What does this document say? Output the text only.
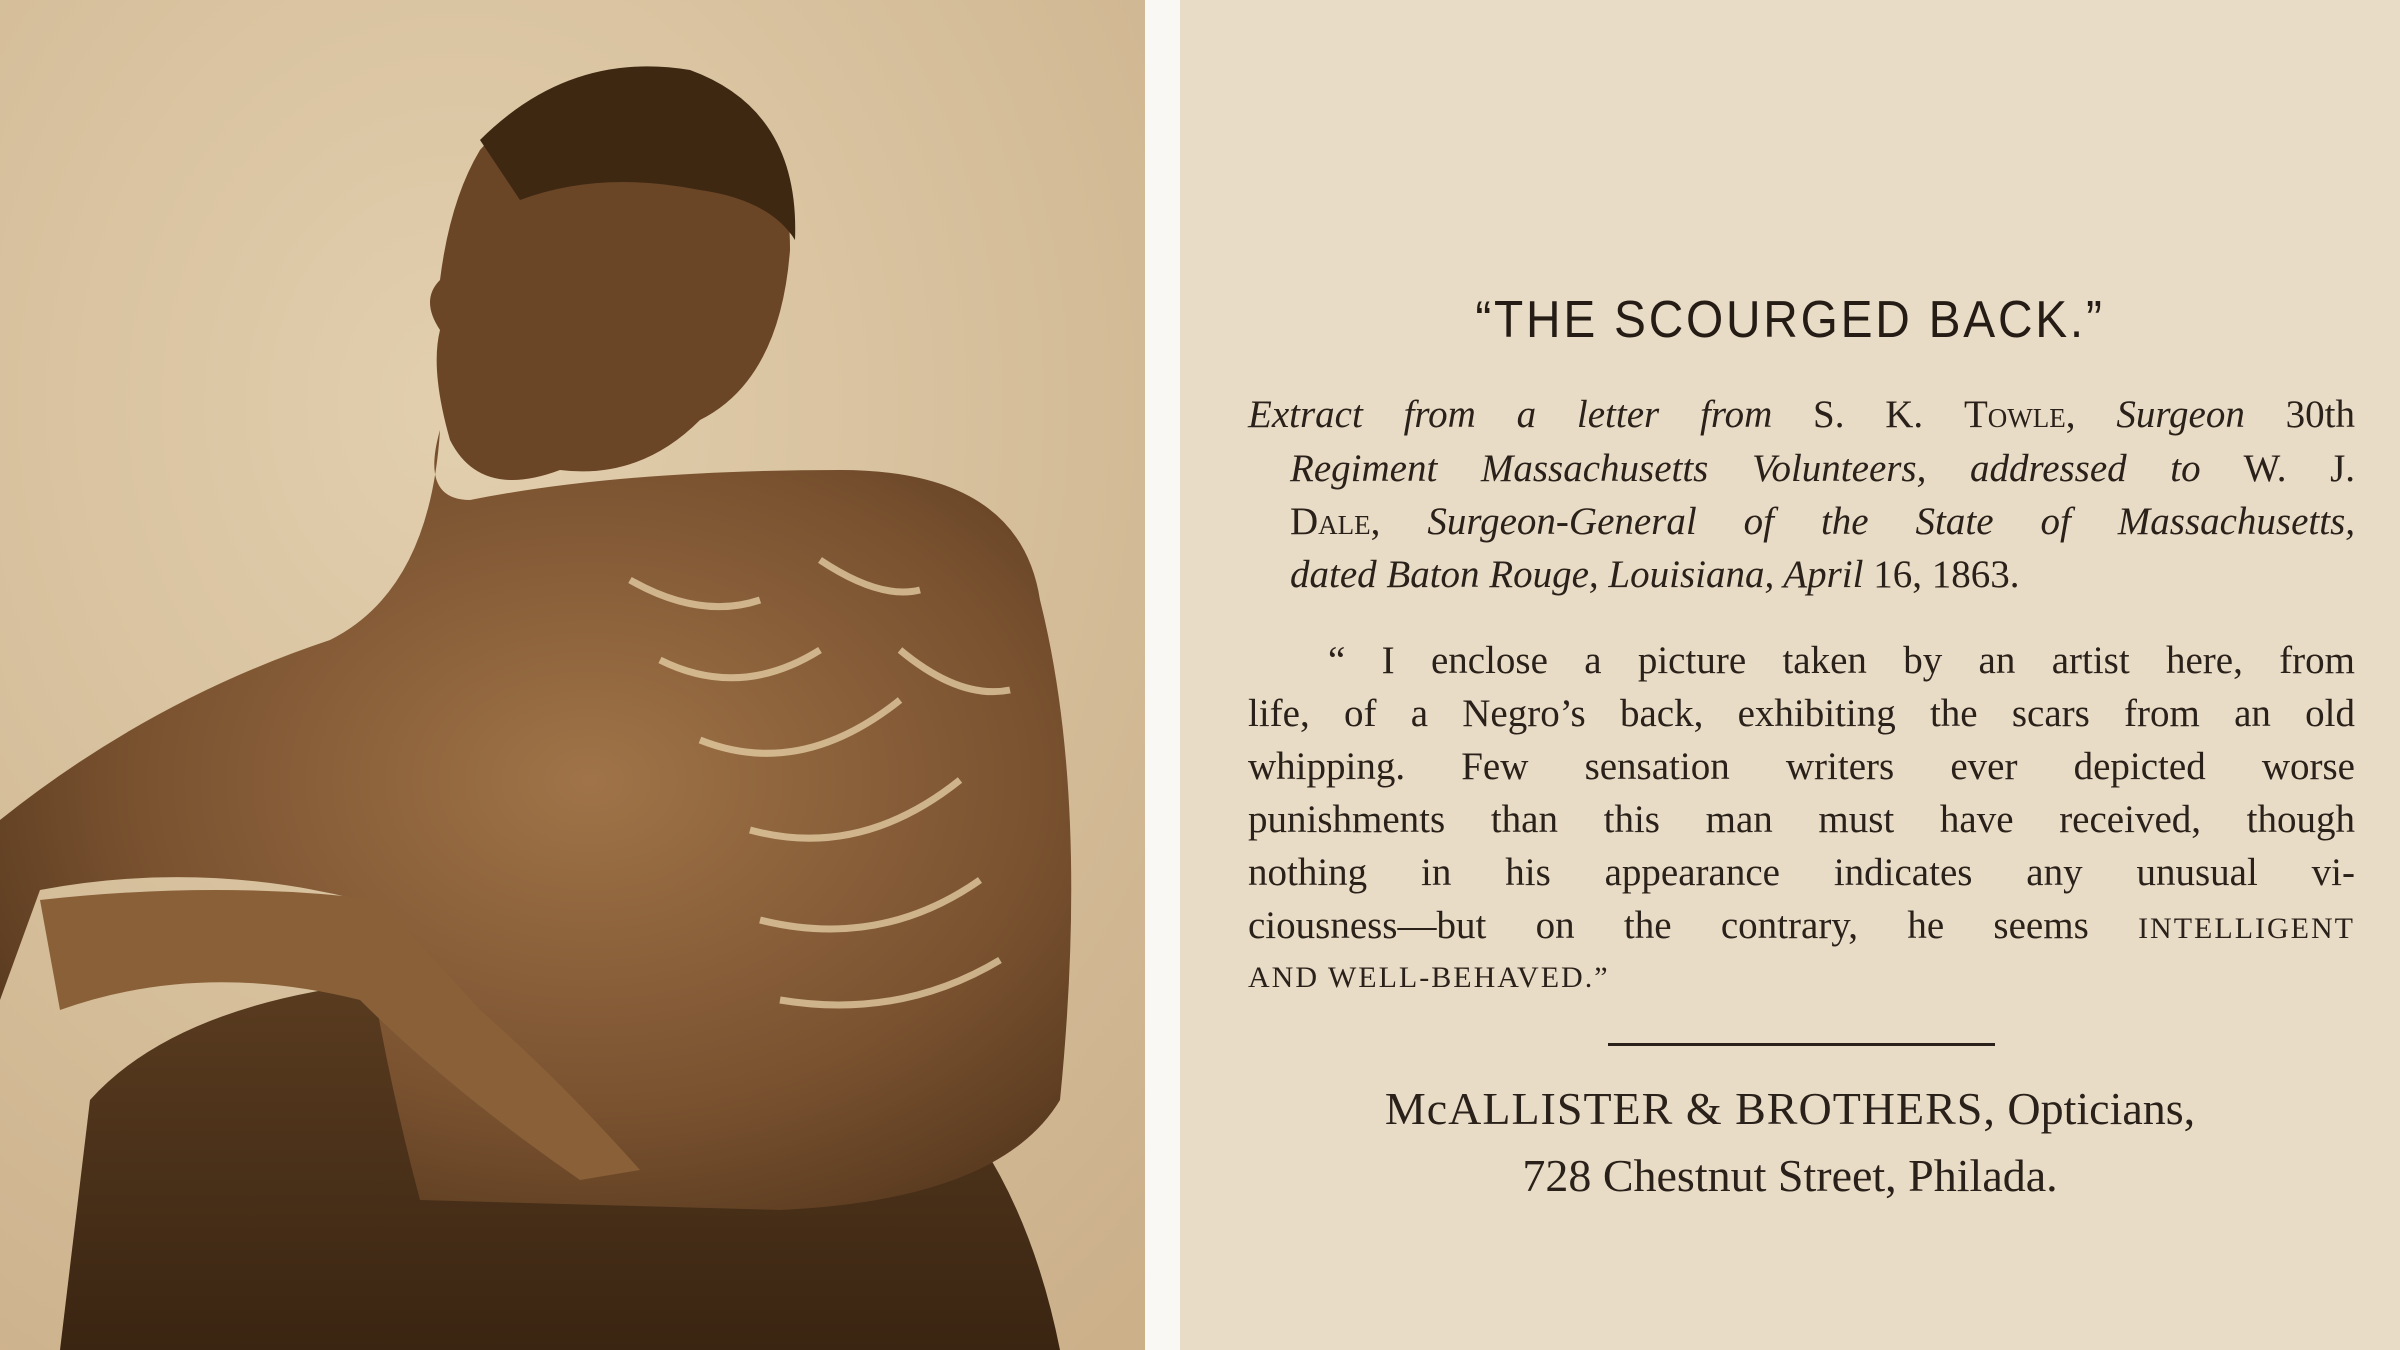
“THE SCOURGED BACK.”
Extract from a letter from S. K. Towle, Surgeon 30th
Regiment Massachusetts Volunteers, addressed to W. J.
Dale, Surgeon-General of the State of Massachusetts,
dated Baton Rouge, Louisiana, April 16, 1863.
“ I enclose a picture taken by an artist here, from
life, of a Negro’s back, exhibiting the scars from an old
whipping. Few sensation writers ever depicted worse
punishments than this man must have received, though
nothing in his appearance indicates any unusual vi-
ciousness—but on the contrary, he seems INTELLIGENT
AND WELL-BEHAVED.”
McALLISTER & BROTHERS, Opticians,
728 Chestnut Street, Philada.
